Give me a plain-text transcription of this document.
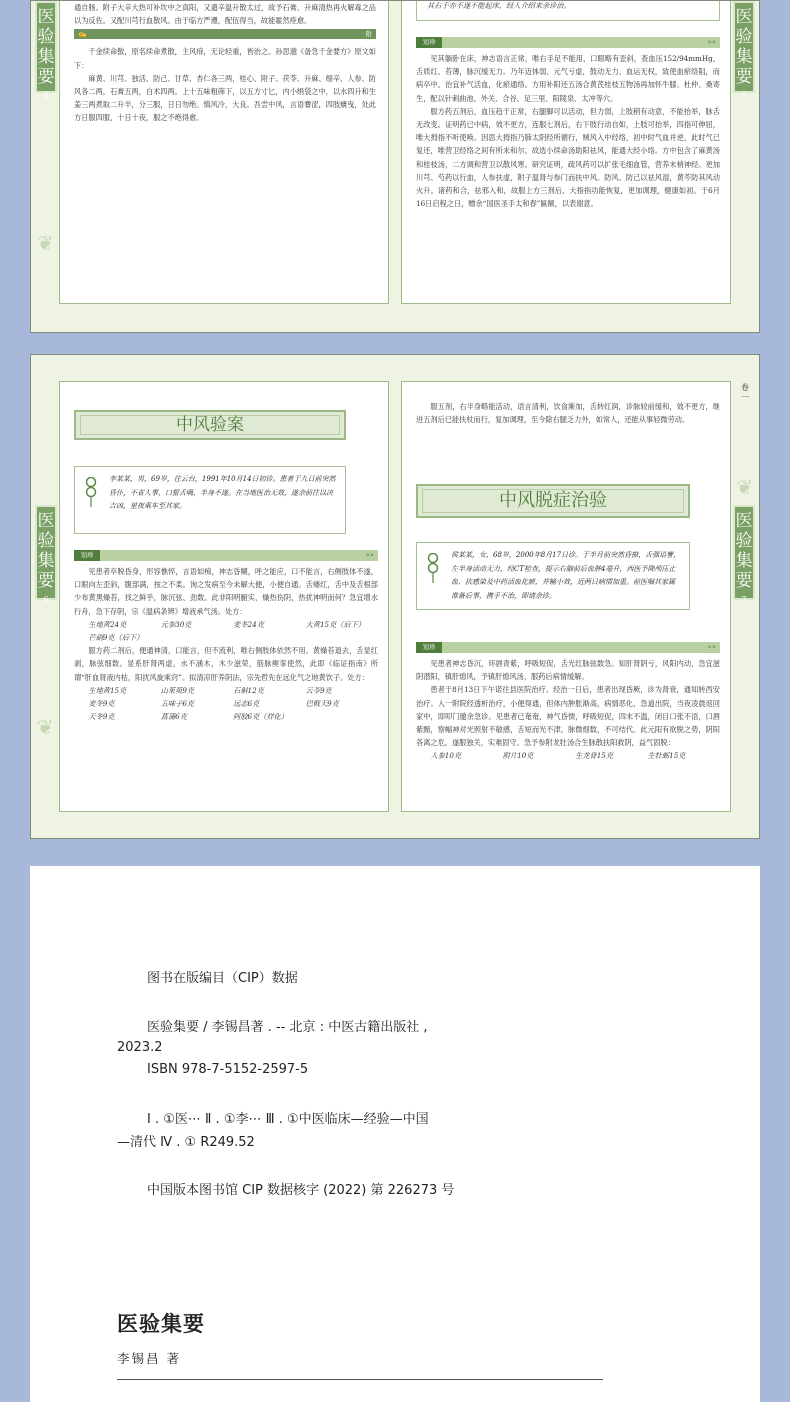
医验集要
4

通自肠。附子大辛大热可补坎中之真阳，又遗辛温升散太过，故予石膏、升麻清热再火解毒之品以为反佐。又配川芎行血散风。由于临方严遵，配伍得当，故能霍然痊愈。

✍	附

千金续命散，原名续命煮散，主风痱，无论轻重，皆治之。孙思邈《备急千金要方》原文如下：

麻黄、川芎、独活、防己、甘草、杏仁各三两，桂心、附子、茯苓、升麻、细辛、人参、防风各二两，石膏五两，白术四两。上十五味粗筛下，以五方寸匕，内小绢袋之中，以水四升和生姜三两煮取二升半，分三服，日日勿绝。慎风冷，大良。吾尝中风，言语謇涩，四肢㿉曳，处此方日服四服，十日十夜，服之不绝得愈。

❦
医验集要
5
其右手亦不遂不能起床，经人介绍来余诊治。
划珍	»»

见其躺卧在床，神志语言正常，唯右手足不能用，口眼略有歪斜，查血压152/94mmHg，舌质红、苔薄，脉沉缓无力。乃年迈体弱、元气亏虚，鼓动无力、血运无权，致使血瘀络阻，而病卒中。治宜补气活血，化瘀通络。方用补阳还五汤合黄芪桂枝五物汤再加怀牛膝、杜仲、桑寄生，配以针刺曲池、外关、合谷、足三里、阳陵泉、太冲等穴。

服方药五剂后，血压趋于正常，右腿脚可以活动，但力弱，上肢稍有动意，不能抬举，脉舌无改变。证明药已中病，效不更方，连服七剂后，右下肢行动自如，上肢可抬举，四指可伸屈，唯大拇指不听使唤。因思大拇指乃肺太阴经所循行，贼风入中经络，初中时气血并逆，此时气已复还，唯营卫经络之间有所未和尔。故选小续命汤助阳祛风，能通大经小络。方中包含了麻黄汤和桂枝汤，二方调和营卫以散风寒。研究证明，疏风药可以扩张毛细血管，营养末梢神经。更加川芎、芍药以行血，人参扶虚，附子温肾与参门而扶中风。防风、防己以祛风湿，黄芩防其风动火升。诸药和合，祛邪入和，故服上方三剂后，大指指功能恢复，更加调理，健康如初。于6月16日启程之日，赠余“国医圣手太和春”匾额，以表谢意。

医验集要
6
中风验案
李某某，男，69岁，住云台，1991年10月14日初诊。患者于九日前突然昏仆，不省人事，口蜇舌喎，半身不遂。在当地医治无效，遂余前往以决吉凶，星夜乘车至其家。
划珍	»»

见患者卒脱昏身，形容憔悴，言语如痴，神志昏糊，呼之能应，口不能言，右侧肢体不遂，口眼向左歪斜，腹部满，按之不柔。询之发病至今未解大便，小便自通。舌痿红，舌中及舌根部少布黄黑燥苔，找之鲜乎，脉沉弦、劲数。此非阳明腑实，燥热伤阴，热扰神明而何？急宜增水行舟，急下存阴，宗《温病条辨》增液承气汤。处方：

生地黄24克	元参30克	麦冬24克	大黄15克（后下）
芒硝9克（后下）

服方药二剂后，便通神清，口能言，但不流利，唯右侧肢体依然不用。黄燥苔退去，舌显红剥，脉弦细数。显系肝肾两虚，水不涵木，木少滋荣，筋脉瘈挛使然，此即《临证指南》所谓“肝血肾液内枯，阳扰风旋乘窍”。拟清凉肝养阴法，宗先哲先在远化气之地黄饮子。处方：

生地黄15克	山茱萸9克	石斛12克	云苓9克
麦冬9克	五味子6克	远志6克	巴戟天9克
天冬9克	菖蒲6克	阿胶6克（烊化）
❦
卷一
医验集要
7

服五剂，右半身略能活动，语言清利，饮食渐加，舌转红润，诊脉较前缓和，效不更方，继进五剂后已能扶杖而行，复加调理，至今除右腿乏力外，如常人，还能从事轻微劳动。

中风脱症治验
侯某某，女，68岁，2000年8月17日诊。于半月前突然昏撩，舌强语謇，左半身活动无力，经CT检查，提示右脑前后血肿4毫升，西医予降颅压止血、抗感染及中药活血化瘀，并输小效，近两日病情加重。前医嘱其家属准备后事，携手不治，即请余诊。
划珍	»»

见患者神志昏沉，环唇青紫，呼吸短促，舌光红脉弦数急。知肝肾阴亏，风阳内动，急宜滋阴潜阳，镇肝熄风，予镇肝熄风汤，服药后病情缓解。

患者于8月13日下午诺往县医院治疗。经治一日后，患者出现昏厥，诊为肾衰，通知转西安治疗。入一附院经透析治疗，小便得通，但体内肿胀渐高，病情恶化，急道出院，当夜凌晨返回家中，即叩门邀余急诊。见患者已奄奄，神气昏愦，呼吸短促，四末不温，闭目口张不语，口唇紫黯，察幅神对光照射不敏感，舌短而光不津，脉微细数，不可结代。此元阳有欲脱之势，阴阳各离之危，遂服独关，实难固守。急予参附龙牡汤合生脉散扶阳救阴，益气固脱：

人参10克	附片10克	生龙骨15克	生牡蛎15克
❦
图书在版编目（CIP）数据
医验集要 / 李锡昌著 . -- 北京 : 中医古籍出版社 ,
2023.2
ISBN 978-7-5152-2597-5
Ⅰ . ①医⋯ Ⅱ . ①李⋯ Ⅲ . ①中医临床—经验—中国
—清代 Ⅳ . ① R249.52
中国版本图书馆 CIP 数据核字 (2022) 第 226273 号
医验集要
李锡昌 著
